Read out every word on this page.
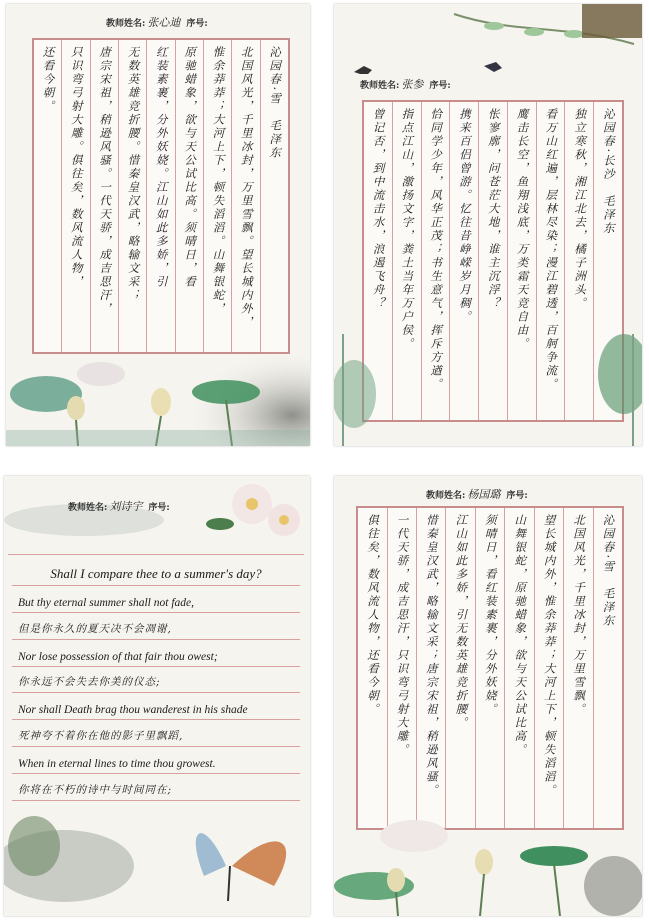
教师姓名: 张心迪 序号:
沁园春·雪　毛泽东
北国风光，千里冰封，万里雪飘。望长城内外，
惟余莽莽；大河上下，顿失滔滔。山舞银蛇，
原驰蜡象，欲与天公试比高。须晴日，看
红装素裹，分外妖娆。江山如此多娇，引
无数英雄竞折腰。惜秦皇汉武，略输文采；
唐宗宋祖，稍逊风骚。一代天骄，成吉思汗，
只识弯弓射大雕。俱往矣，数风流人物，
还看今朝。	教师姓名: 张参 序号:
沁园春·长沙　毛泽东
独立寒秋，湘江北去，橘子洲头。
看万山红遍，层林尽染；漫江碧透，百舸争流。
鹰击长空，鱼翔浅底，万类霜天竞自由。
怅寥廓，问苍茫大地，谁主沉浮？
携来百侣曾游。忆往昔峥嵘岁月稠。
恰同学少年，风华正茂；书生意气，挥斥方遒。
指点江山，激扬文字，粪土当年万户侯。
曾记否，到中流击水，浪遏飞舟？
教师姓名: 刘诗宇 序号:
Shall I compare thee to a summer's day?
But thy eternal summer shall not fade,
但是你永久的夏天决不会凋谢,
Nor lose possession of that fair thou owest;
你永远不会失去你美的仪态;
Nor shall Death brag thou wanderest in his shade
死神夸不着你在他的影子里飘蹈,
When in eternal lines to time thou growest.
你将在不朽的诗中与时间同在;
教师姓名: 杨国璐 序号:
沁园春·雪　毛泽东
北国风光，千里冰封，万里雪飘。
望长城内外，惟余莽莽；大河上下，顿失滔滔。
山舞银蛇，原驰蜡象，欲与天公试比高。
须晴日，看红装素裹，分外妖娆。
江山如此多娇，引无数英雄竞折腰。
惜秦皇汉武，略输文采；唐宗宋祖，稍逊风骚。
一代天骄，成吉思汗，只识弯弓射大雕。
俱往矣，数风流人物，还看今朝。
